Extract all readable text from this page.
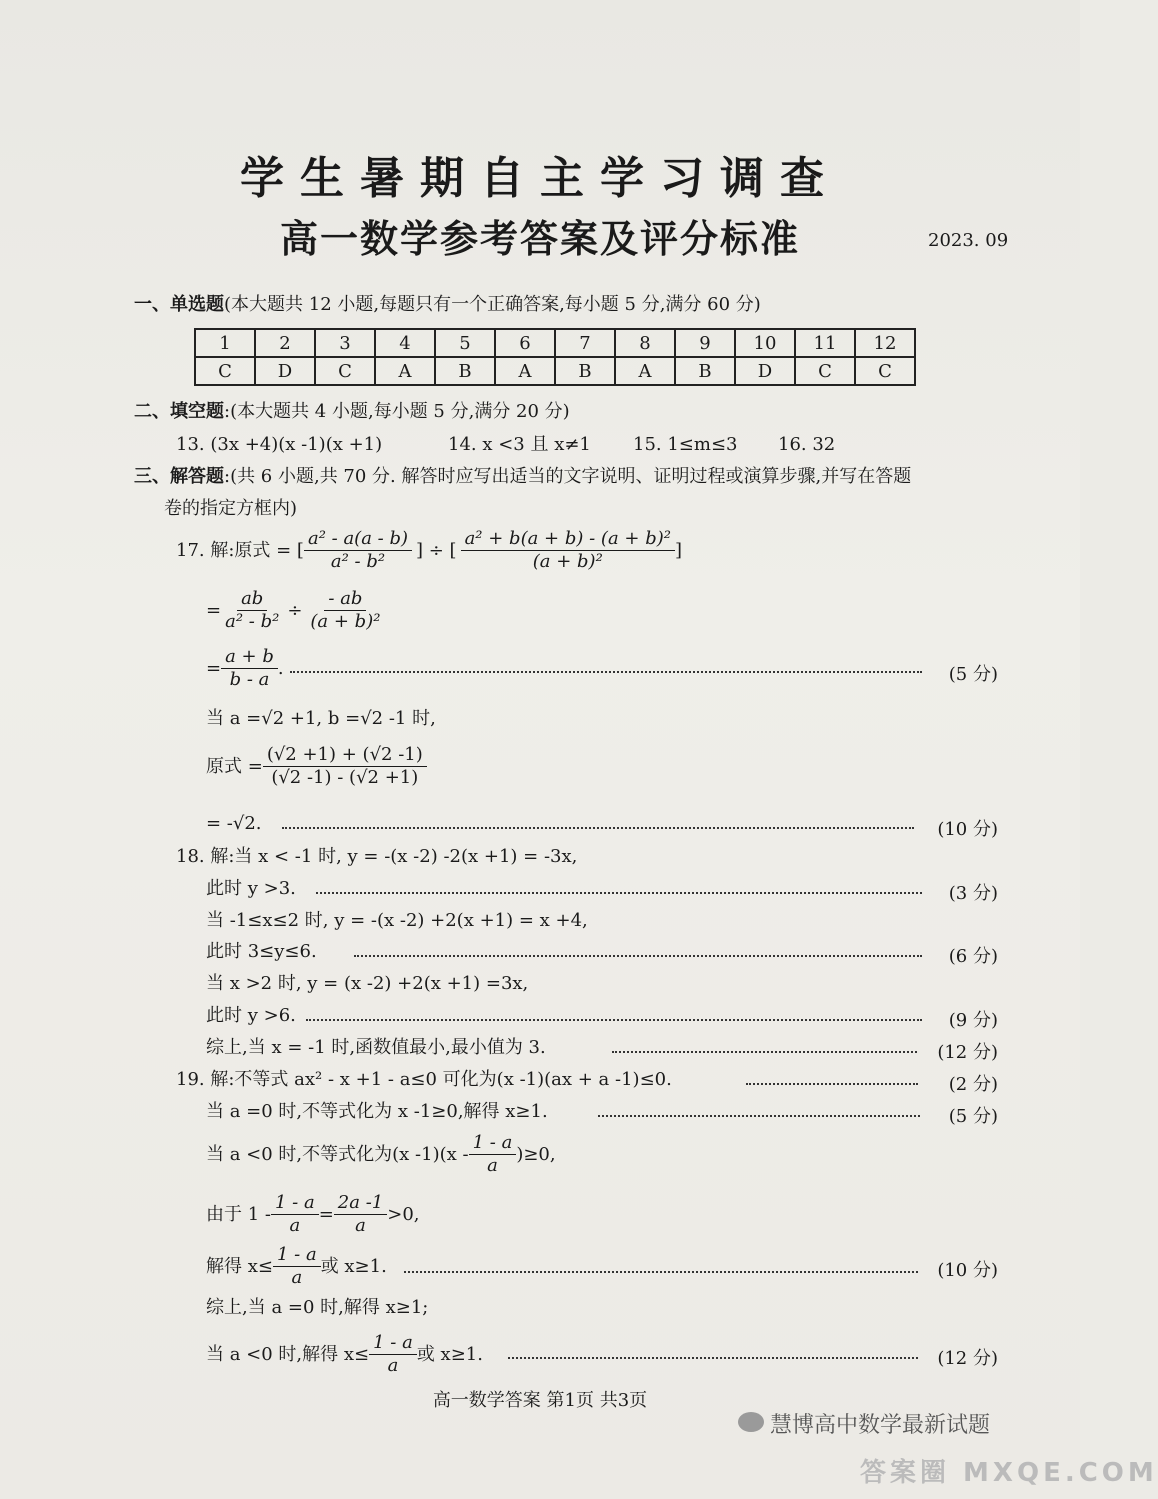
学生暑期自主学习调查
高一数学参考答案及评分标准	2023. 09
一、单选题(本大题共 12 小题,每题只有一个正确答案,每小题 5 分,满分 60 分)
1	2	3	4	5	6	7	8	9	10	11	12
C	D	C	A	B	A	B	A	B	D	C	C
二、填空题:(本大题共 4 小题,每小题 5 分,满分 20 分)
13. (3x +4)(x -1)(x +1)	14. x <3 且 x≠1 15. 1≤m≤3 16. 32
三、解答题:(共 6 小题,共 70 分. 解答时应写出适当的文字说明、证明过程或演算步骤,并写在答题
卷的指定方框内)
17. 解:原式 = [ $\frac{\text{a² - a(a - b)}}{\text{a² - b²}}$ ] ÷ [ $\frac{\text{a² + b(a + b) - (a + b)²}}{\text{(a + b)²}}$ ]
= $\frac{ab}{\text{a² - b²}} \div \frac{- ab}{\text{(a + b)²}}$
= $\frac{a + b}{b - a}$ .	(5 分)
当 a =√2 +1, b =√2 -1 时,
原式 = $\frac{(√2 +1) + (√2 -1)}{(√2 -1) - (√2 +1)}$
= -√2.	(10 分)
18. 解:当 x < -1 时, y = -(x -2) -2(x +1) = -3x,
此时 y >3.	(3 分)
当 -1≤x≤2 时, y = -(x -2) +2(x +1) = x +4,
此时 3≤y≤6.	(6 分)
当 x >2 时, y = (x -2) +2(x +1) =3x,
此时 y >6.	(9 分)
综上,当 x = -1 时,函数值最小,最小值为 3.	(12 分)
19. 解:不等式 ax² - x +1 - a≤0 可化为(x -1)(ax + a -1)≤0.	(2 分)
当 a =0 时,不等式化为 x -1≥0,解得 x≥1.	(5 分)
当 a <0 时,不等式化为(x $-1)(x - \frac{1 - a}{a} )\ge 0$,
由于 $1 - \frac{1 - a}{a} = \frac{2a -1}{a} >0$,
解得 $x\le \frac{1 - a}{a}$ 或 x≥1.	(10 分)
综上,当 a =0 时,解得 x≥1;
当 a <0 时,解得 $x\le \frac{1 - a}{a}$ 或 x≥1.	(12 分)
高一数学答案 第1页 共3页
慧博高中数学最新试题
答案圈 MXQE.COM
